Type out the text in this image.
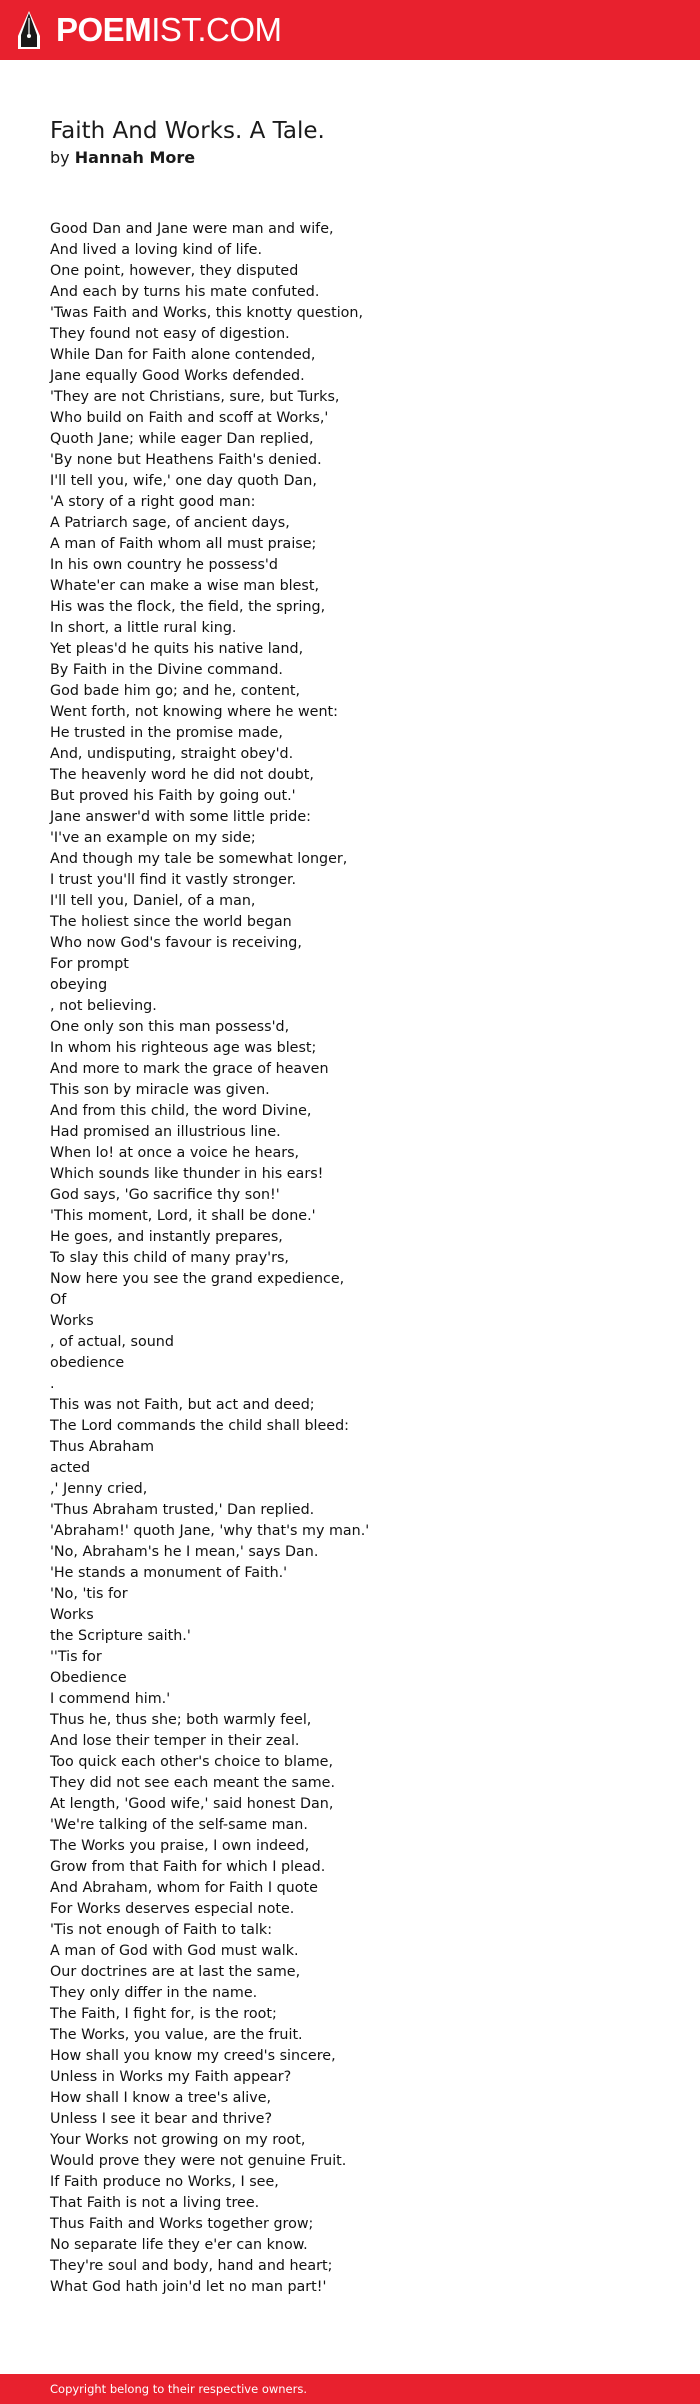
POEMIST.COM
Faith And Works. A Tale.
by Hannah More
Good Dan and Jane were man and wife,
And lived a loving kind of life.
One point, however, they disputed
And each by turns his mate confuted.
'Twas Faith and Works, this knotty question,
They found not easy of digestion.
While Dan for Faith alone contended,
Jane equally Good Works defended.
'They are not Christians, sure, but Turks,
Who build on Faith and scoff at Works,'
Quoth Jane; while eager Dan replied,
'By none but Heathens Faith's denied.
I'll tell you, wife,' one day quoth Dan,
'A story of a right good man:
A Patriarch sage, of ancient days,
A man of Faith whom all must praise;
In his own country he possess'd
Whate'er can make a wise man blest,
His was the flock, the field, the spring,
In short, a little rural king.
Yet pleas'd he quits his native land,
By Faith in the Divine command.
God bade him go; and he, content,
Went forth, not knowing where he went:
He trusted in the promise made,
And, undisputing, straight obey'd.
The heavenly word he did not doubt,
But proved his Faith by going out.'
Jane answer'd with some little pride:
'I've an example on my side;
And though my tale be somewhat longer,
I trust you'll find it vastly stronger.
I'll tell you, Daniel, of a man,
The holiest since the world began
Who now God's favour is receiving,
For prompt
obeying
, not believing.
One only son this man possess'd,
In whom his righteous age was blest;
And more to mark the grace of heaven
This son by miracle was given.
And from this child, the word Divine,
Had promised an illustrious line.
When lo! at once a voice he hears,
Which sounds like thunder in his ears!
God says, 'Go sacrifice thy son!'
'This moment, Lord, it shall be done.'
He goes, and instantly prepares,
To slay this child of many pray'rs,
Now here you see the grand expedience,
Of
Works
, of actual, sound
obedience
.
This was not Faith, but act and deed;
The Lord commands the child shall bleed:
Thus Abraham
acted
,' Jenny cried,
'Thus Abraham trusted,' Dan replied.
'Abraham!' quoth Jane, 'why that's my man.'
'No, Abraham's he I mean,' says Dan.
'He stands a monument of Faith.'
'No, 'tis for
Works
the Scripture saith.'
''Tis for
Obedience
I commend him.'
Thus he, thus she; both warmly feel,
And lose their temper in their zeal.
Too quick each other's choice to blame,
They did not see each meant the same.
At length, 'Good wife,' said honest Dan,
'We're talking of the self-same man.
The Works you praise, I own indeed,
Grow from that Faith for which I plead.
And Abraham, whom for Faith I quote
For Works deserves especial note.
'Tis not enough of Faith to talk:
A man of God with God must walk.
Our doctrines are at last the same,
They only differ in the name.
The Faith, I fight for, is the root;
The Works, you value, are the fruit.
How shall you know my creed's sincere,
Unless in Works my Faith appear?
How shall I know a tree's alive,
Unless I see it bear and thrive?
Your Works not growing on my root,
Would prove they were not genuine Fruit.
If Faith produce no Works, I see,
That Faith is not a living tree.
Thus Faith and Works together grow;
No separate life they e'er can know.
They're soul and body, hand and heart;
What God hath join'd let no man part!'
Copyright belong to their respective owners.
